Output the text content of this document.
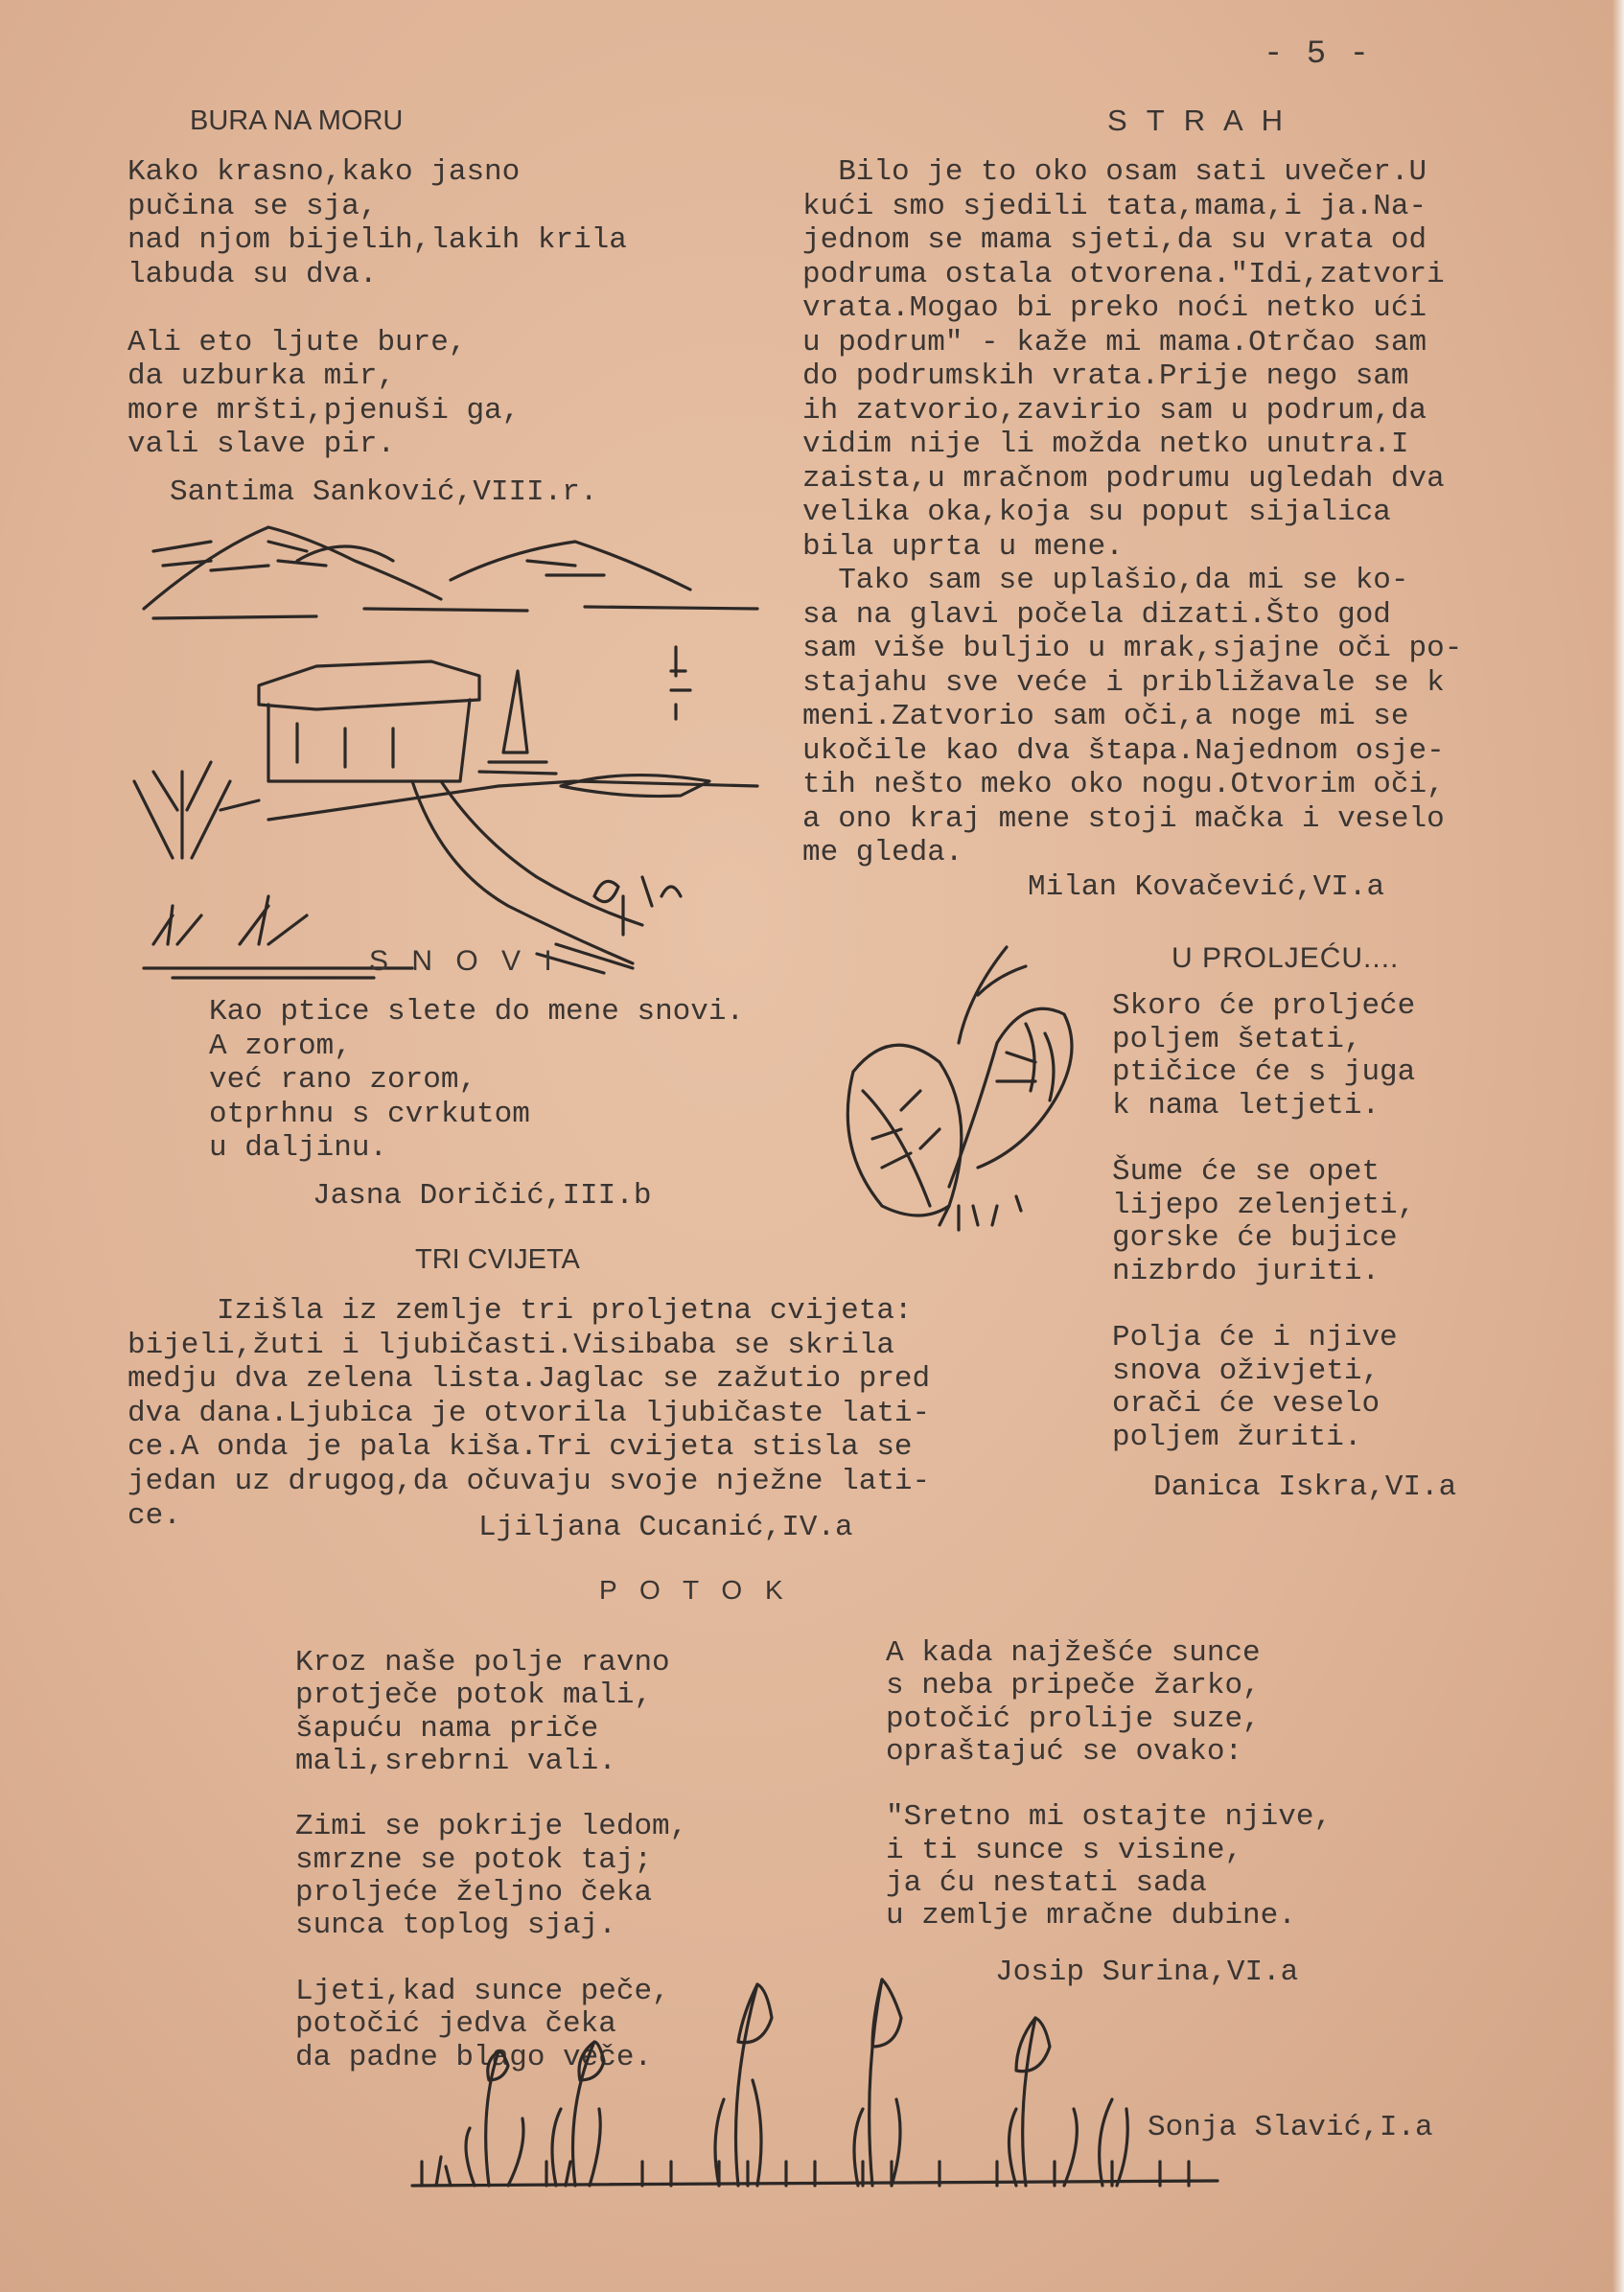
- 5 -
BURA NA MORU
Kako krasno,kako jasno
pučina se sja,
nad njom bijelih,lakih krila
labuda su dva.

Ali eto ljute bure,
da uzburka mir,
more mršti,pjenuši ga,
vali slave pir.
Santima Sanković,VIII.r.
S T R A H
Bilo je to oko osam sati uvečer.U
kući smo sjedili tata,mama,i ja.Na-
jednom se mama sjeti,da su vrata od
podruma ostala otvorena."Idi,zatvori
vrata.Mogao bi preko noći netko ući
u podrum" - kaže mi mama.Otrčao sam
do podrumskih vrata.Prije nego sam
ih zatvorio,zavirio sam u podrum,da
vidim nije li možda netko unutra.I
zaista,u mračnom podrumu ugledah dva
velika oka,koja su poput sijalica
bila uprta u mene.
Tako sam se uplašio,da mi se ko-
sa na glavi počela dizati.Što god
sam više buljio u mrak,sjajne oči po-
stajahu sve veće i približavale se k
meni.Zatvorio sam oči,a noge mi se
ukočile kao dva štapa.Najednom osje-
tih nešto meko oko nogu.Otvorim oči,
a ono kraj mene stoji mačka i veselo
me gleda.
Milan Kovačević,VI.a
S N O V I
Kao ptice slete do mene snovi.
A zorom,
već rano zorom,
otprhnu s cvrkutom
u daljinu.
Jasna Doričić,III.b
U PROLJEĆU....
Skoro će proljeće
poljem šetati,
ptičice će s juga
k nama letjeti.

Šume će se opet
lijepo zelenjeti,
gorske će bujice
nizbrdo juriti.

Polja će i njive
snova oživjeti,
orači će veselo
poljem žuriti.
Danica Iskra,VI.a
TRI CVIJETA
Izišla iz zemlje tri proljetna cvijeta:
bijeli,žuti i ljubičasti.Visibaba se skrila
medju dva zelena lista.Jaglac se zažutio pred
dva dana.Ljubica je otvorila ljubičaste lati-
ce.A onda je pala kiša.Tri cvijeta stisla se
jedan uz drugog,da očuvaju svoje nježne lati-
ce.	Ljiljana Cucanić,IV.a
P O T O K
Kroz naše polje ravno
protječe potok mali,
šapuću nama priče
mali,srebrni vali.

Zimi se pokrije ledom,
smrzne se potok taj;
proljeće željno čeka
sunca toplog sjaj.

Ljeti,kad sunce peče,
potočić jedva čeka
da padne blago veče.
A kada najžešće sunce
s neba pripeče žarko,
potočić prolije suze,
opraštajuć se ovako:

"Sretno mi ostajte njive,
i ti sunce s visine,
ja ću nestati sada
u zemlje mračne dubine.
Josip Surina,VI.a
Sonja Slavić,I.a
